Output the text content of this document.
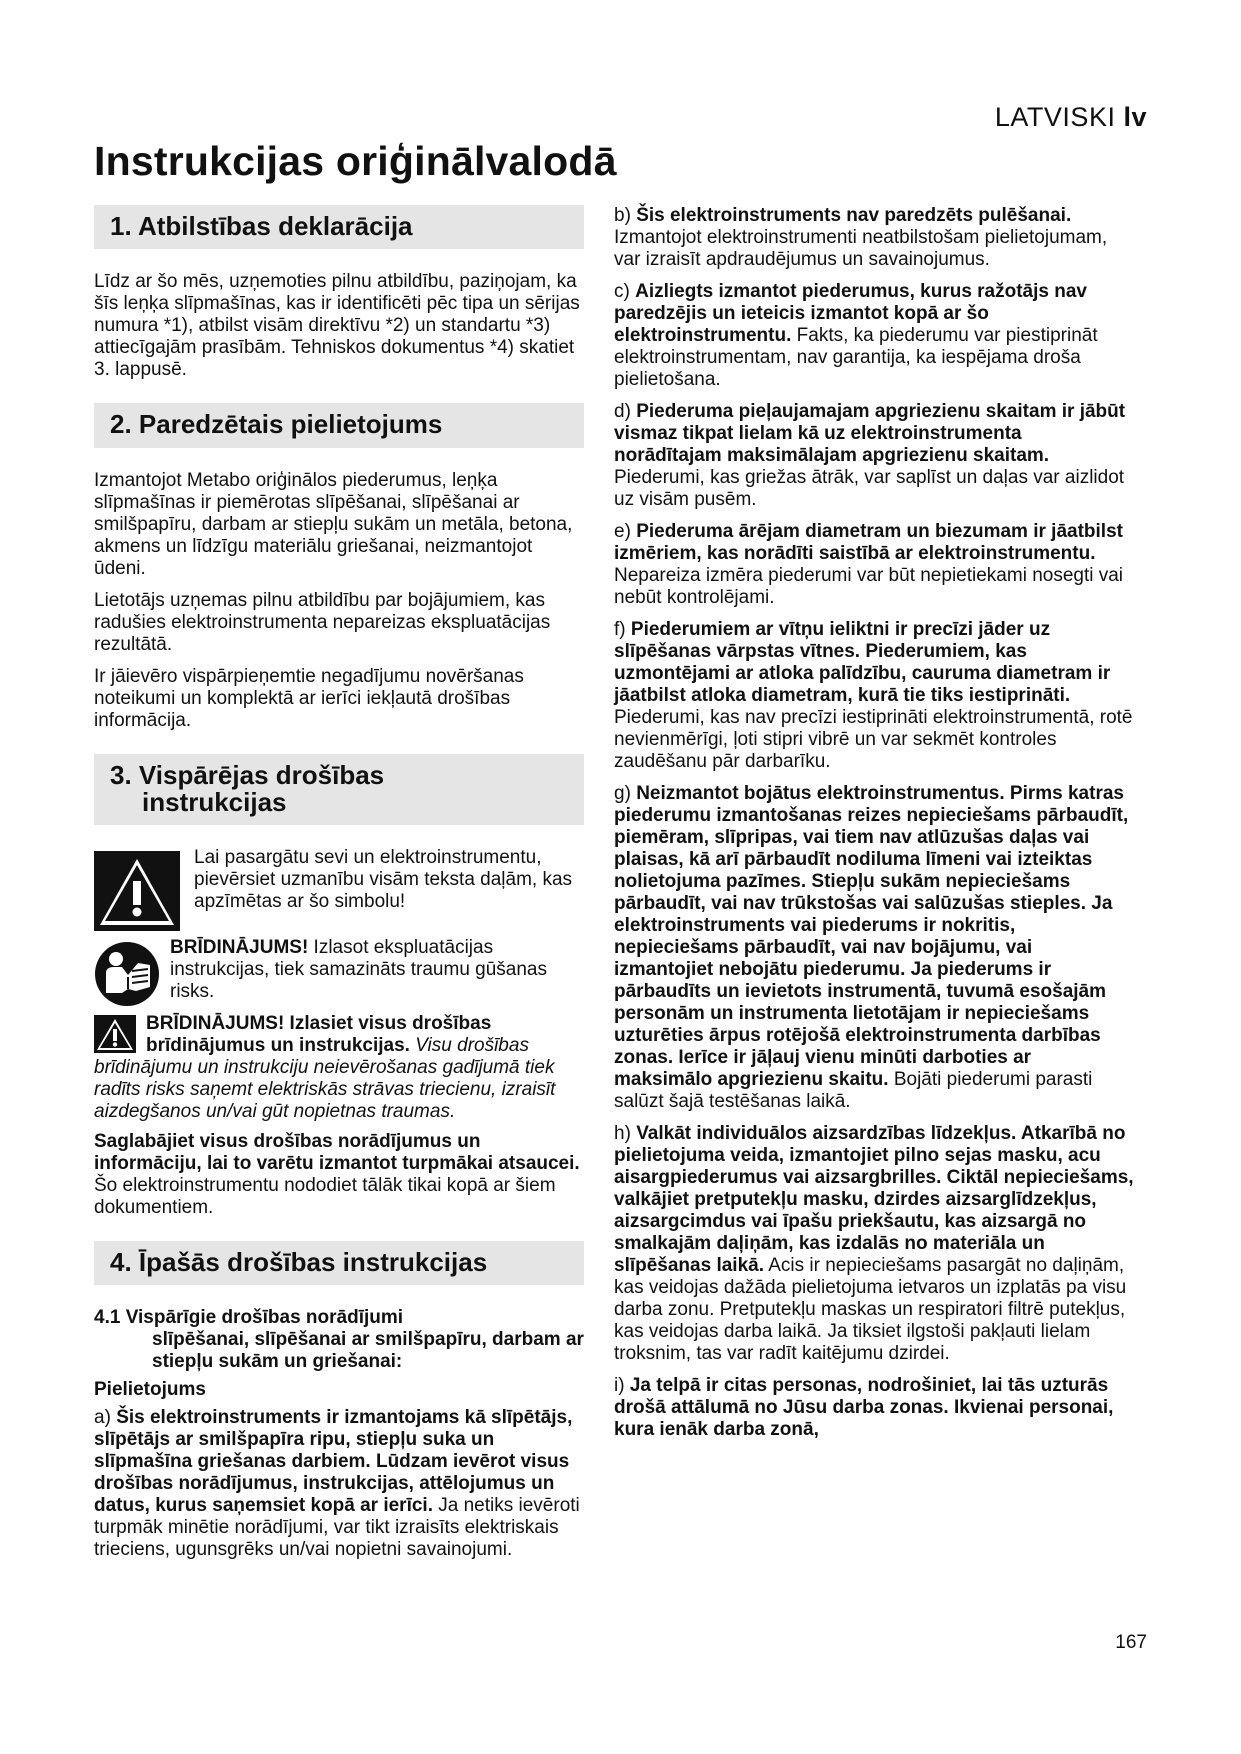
LATVISKI lv
Instrukcijas oriģinālvalodā
1. Atbilstības deklarācija

Līdz ar šo mēs, uzņemoties pilnu atbildību, paziņojam, ka šīs leņķa slīpmašīnas, kas ir identificēti pēc tipa un sērijas numura *1), atbilst visām direktīvu *2) un standartu *3) attiecīgajām prasībām. Tehniskos dokumentus *4) skatiet 3. lappusē.

2. Paredzētais pielietojums

Izmantojot Metabo oriģinālos piederumus, leņķa slīpmašīnas ir piemērotas slīpēšanai, slīpēšanai ar smilšpapīru, darbam ar stiepļu sukām un metāla, betona, akmens un līdzīgu materiālu griešanai, neizmantojot ūdeni.

Lietotājs uzņemas pilnu atbildību par bojājumiem, kas radušies elektroinstrumenta nepareizas ekspluatācijas rezultātā.

Ir jāievēro vispārpieņemtie negadījumu novēršanas noteikumi un komplektā ar ierīci iekļautā drošības informācija.

3. Vispārējas drošības
instrukcijas

Lai pasargātu sevi un elektroinstrumentu, pievērsiet uzmanību visām teksta daļām, kas apzīmētas ar šo simbolu!

BRĪDINĀJUMS! Izlasot ekspluatācijas instrukcijas, tiek samazināts traumu gūšanas risks.

BRĪDINĀJUMS! Izlasiet visus drošības brīdinājumus un instrukcijas. Visu drošības brīdinājumu un instrukciju neievērošanas gadījumā tiek radīts risks saņemt elektriskās strāvas triecienu, izraisīt aizdegšanos un/vai gūt nopietnas traumas.

Saglabājiet visus drošības norādījumus un informāciju, lai to varētu izmantot turpmākai atsaucei.

Šo elektroinstrumentu nododiet tālāk tikai kopā ar šiem dokumentiem.

4. Īpašās drošības instrukcijas
4.1 Vispārīgie drošības norādījumi
slīpēšanai, slīpēšanai ar smilšpapīru, darbam ar stiepļu sukām un griešanai:

Pielietojums

a) Šis elektroinstruments ir izmantojams kā slīpētājs, slīpētājs ar smilšpapīra ripu, stiepļu suka un slīpmašīna griešanas darbiem. Lūdzam ievērot visus drošības norādījumus, instrukcijas, attēlojumus un datus, kurus saņemsiet kopā ar ierīci. Ja netiks ievēroti turpmāk minētie norādījumi, var tikt izraisīts elektriskais trieciens, ugunsgrēks un/vai nopietni savainojumi.

b) Šis elektroinstruments nav paredzēts pulēšanai. Izmantojot elektroinstrumenti neatbilstošam pielietojumam, var izraisīt apdraudējumus un savainojumus.

c) Aizliegts izmantot piederumus, kurus ražotājs nav paredzējis un ieteicis izmantot kopā ar šo elektroinstrumentu. Fakts, ka piederumu var piestiprināt elektroinstrumentam, nav garantija, ka iespējama droša pielietošana.

d) Piederuma pieļaujamajam apgriezienu skaitam ir jābūt vismaz tikpat lielam kā uz elektroinstrumenta norādītajam maksimālajam apgriezienu skaitam. Piederumi, kas griežas ātrāk, var saplīst un daļas var aizlidot uz visām pusēm.

e) Piederuma ārējam diametram un biezumam ir jāatbilst izmēriem, kas norādīti saistībā ar elektroinstrumentu. Nepareiza izmēra piederumi var būt nepietiekami nosegti vai nebūt kontrolējami.

f) Piederumiem ar vītņu ieliktni ir precīzi jāder uz slīpēšanas vārpstas vītnes. Piederumiem, kas uzmontējami ar atloka palīdzību, cauruma diametram ir jāatbilst atloka diametram, kurā tie tiks iestiprināti. Piederumi, kas nav precīzi iestiprināti elektroinstrumentā, rotē nevienmērīgi, ļoti stipri vibrē un var sekmēt kontroles zaudēšanu pār darbarīku.

g) Neizmantot bojātus elektroinstrumentus. Pirms katras piederumu izmantošanas reizes nepieciešams pārbaudīt, piemēram, slīpripas, vai tiem nav atlūzušas daļas vai plaisas, kā arī pārbaudīt nodiluma līmeni vai izteiktas nolietojuma pazīmes. Stiepļu sukām nepieciešams pārbaudīt, vai nav trūkstošas vai salūzušas stieples. Ja elektroinstruments vai piederums ir nokritis, nepieciešams pārbaudīt, vai nav bojājumu, vai izmantojiet nebojātu piederumu. Ja piederums ir pārbaudīts un ievietots instrumentā, tuvumā esošajām personām un instrumenta lietotājam ir nepieciešams uzturēties ārpus rotējošā elektroinstrumenta darbības zonas. Ierīce ir jāļauj vienu minūti darboties ar maksimālo apgriezienu skaitu. Bojāti piederumi parasti salūzt šajā testēšanas laikā.

h) Valkāt individuālos aizsardzības līdzekļus. Atkarībā no pielietojuma veida, izmantojiet pilno sejas masku, acu aisargpiederumus vai aizsargbrilles. Ciktāl nepieciešams, valkājiet pretputekļu masku, dzirdes aizsarglīdzekļus, aizsargcimdus vai īpašu priekšautu, kas aizsargā no smalkajām daļiņām, kas izdalās no materiāla un slīpēšanas laikā. Acis ir nepieciešams pasargāt no daļiņām, kas veidojas dažāda pielietojuma ietvaros un izplatās pa visu darba zonu. Pretputekļu maskas un respiratori filtrē putekļus, kas veidojas darba laikā. Ja tiksiet ilgstoši pakļauti lielam troksnim, tas var radīt kaitējumu dzirdei.

i) Ja telpā ir citas personas, nodrošiniet, lai tās uzturās drošā attālumā no Jūsu darba zonas. Ikvienai personai, kura ienāk darba zonā,

167
